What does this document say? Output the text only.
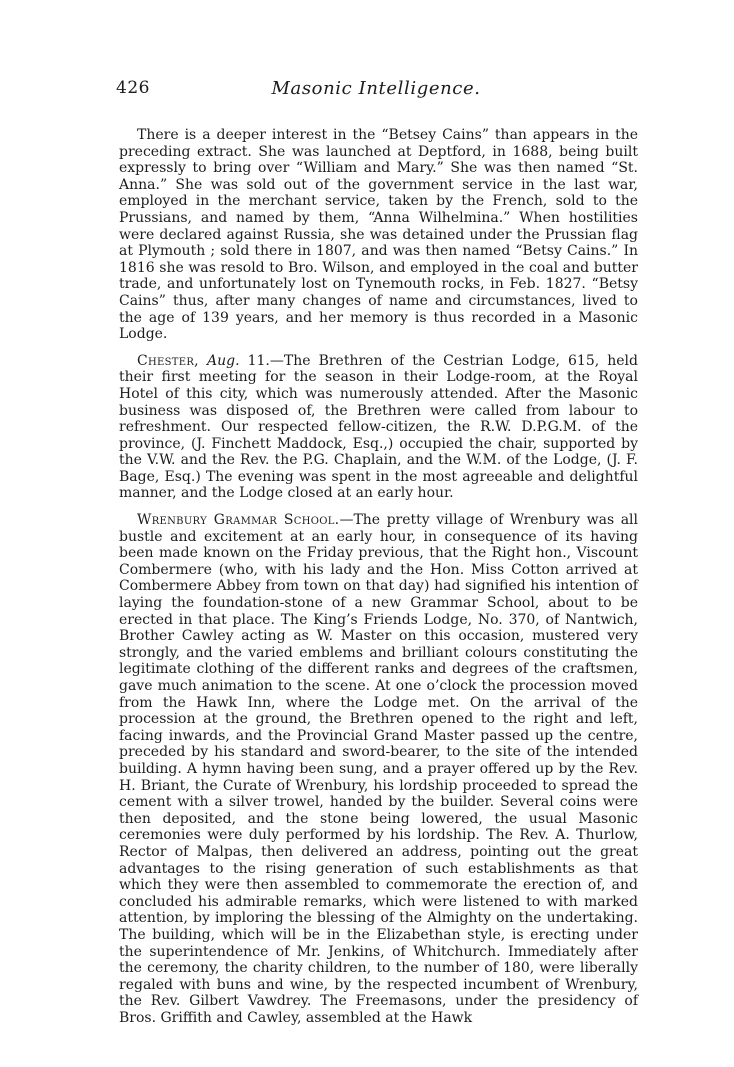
426	Masonic Intelligence.

There is a deeper interest in the “Betsey Cains” than appears in the preceding extract. She was launched at Deptford, in 1688, being built expressly to bring over “William and Mary.” She was then named “St. Anna.” She was sold out of the government service in the last war, employed in the merchant service, taken by the French, sold to the Prussians, and named by them, “Anna Wilhelmina.” When hostilities were declared against Russia, she was detained under the Prussian flag at Plymouth ; sold there in 1807, and was then named “Betsy Cains.” In 1816 she was resold to Bro. Wilson, and employed in the coal and butter trade, and unfortunately lost on Tynemouth rocks, in Feb. 1827. “Betsy Cains” thus, after many changes of name and circumstances, lived to the age of 139 years, and her memory is thus recorded in a Masonic Lodge.

Chester, Aug. 11.—The Brethren of the Cestrian Lodge, 615, held their first meeting for the season in their Lodge-room, at the Royal Hotel of this city, which was numerously attended. After the Masonic business was disposed of, the Brethren were called from labour to refreshment. Our respected fellow-citizen, the R.W. D.P.G.M. of the province, (J. Finchett Maddock, Esq.,) occupied the chair, supported by the V.W. and the Rev. the P.G. Chaplain, and the W.M. of the Lodge, (J. F. Bage, Esq.) The evening was spent in the most agreeable and delightful manner, and the Lodge closed at an early hour.

Wrenbury Grammar School.—The pretty village of Wrenbury was all bustle and excitement at an early hour, in consequence of its having been made known on the Friday previous, that the Right hon., Viscount Combermere (who, with his lady and the Hon. Miss Cotton arrived at Combermere Abbey from town on that day) had signified his intention of laying the foundation-stone of a new Grammar School, about to be erected in that place. The King’s Friends Lodge, No. 370, of Nantwich, Brother Cawley acting as W. Master on this occasion, mustered very strongly, and the varied emblems and brilliant colours constituting the legitimate clothing of the different ranks and degrees of the craftsmen, gave much animation to the scene. At one o’clock the procession moved from the Hawk Inn, where the Lodge met. On the arrival of the procession at the ground, the Brethren opened to the right and left, facing inwards, and the Provincial Grand Master passed up the centre, preceded by his standard and sword-bearer, to the site of the intended building. A hymn having been sung, and a prayer offered up by the Rev. H. Briant, the Curate of Wrenbury, his lordship proceeded to spread the cement with a silver trowel, handed by the builder. Several coins were then deposited, and the stone being lowered, the usual Masonic ceremonies were duly performed by his lordship. The Rev. A. Thurlow, Rector of Malpas, then delivered an address, pointing out the great advantages to the rising generation of such establishments as that which they were then assembled to commemorate the erection of, and concluded his admirable remarks, which were listened to with marked attention, by imploring the blessing of the Almighty on the undertaking. The building, which will be in the Elizabethan style, is erecting under the superintendence of Mr. Jenkins, of Whitchurch. Immediately after the ceremony, the charity children, to the number of 180, were liberally regaled with buns and wine, by the respected incumbent of Wrenbury, the Rev. Gilbert Vawdrey. The Freemasons, under the presidency of Bros. Griffith and Cawley, assembled at the Hawk
